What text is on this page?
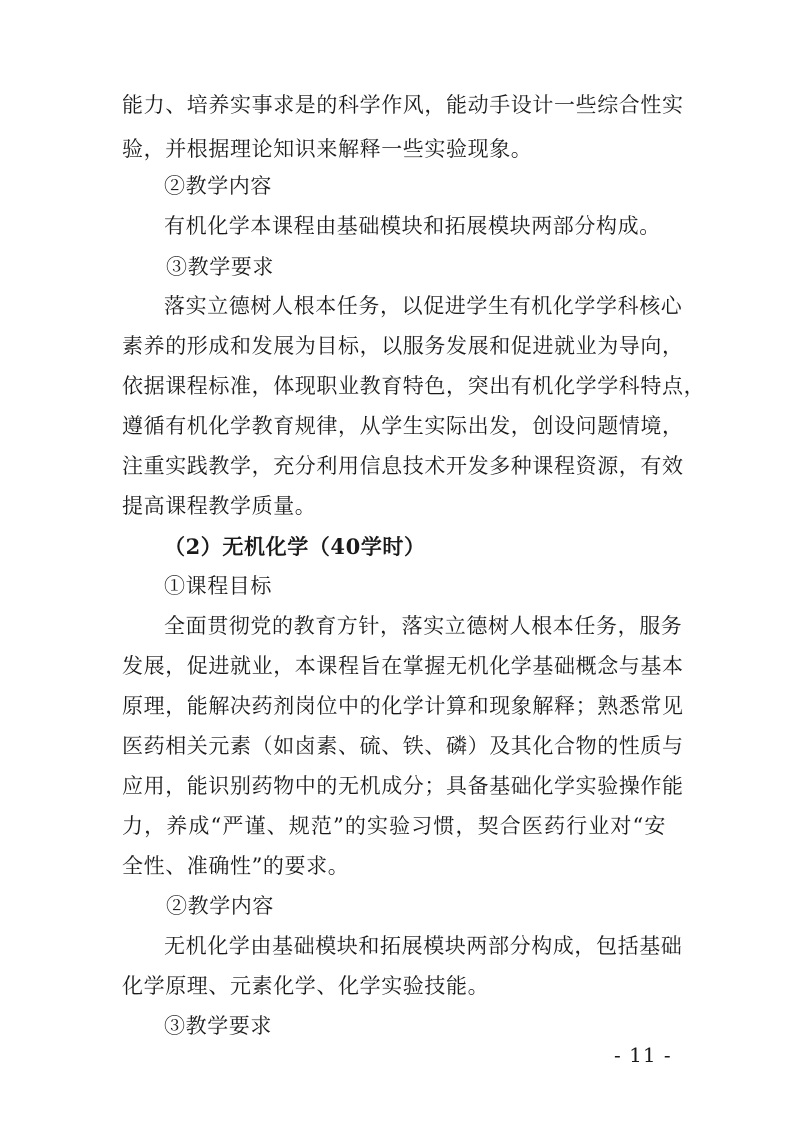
能力、培养实事求是的科学作风，能动手设计一些综合性实
验，并根据理论知识来解释一些实验现象。
②教学内容
有机化学本课程由基础模块和拓展模块两部分构成。
③教学要求
落实立德树人根本任务，以促进学生有机化学学科核心
素养的形成和发展为目标，以服务发展和促进就业为导向，
依据课程标准，体现职业教育特色，突出有机化学学科特点，
遵循有机化学教育规律，从学生实际出发，创设问题情境，
注重实践教学，充分利用信息技术开发多种课程资源，有效
提高课程教学质量。
（2）无机化学（40学时）
①课程目标
全面贯彻党的教育方针，落实立德树人根本任务，服务
发展，促进就业，本课程旨在掌握无机化学基础概念与基本
原理，能解决药剂岗位中的化学计算和现象解释；熟悉常见
医药相关元素（如卤素、硫、铁、磷）及其化合物的性质与
应用，能识别药物中的无机成分；具备基础化学实验操作能
力，养成“严谨、规范”的实验习惯，契合医药行业对“安
全性、准确性”的要求。
②教学内容
无机化学由基础模块和拓展模块两部分构成，包括基础
化学原理、元素化学、化学实验技能。
③教学要求
- 11 -
